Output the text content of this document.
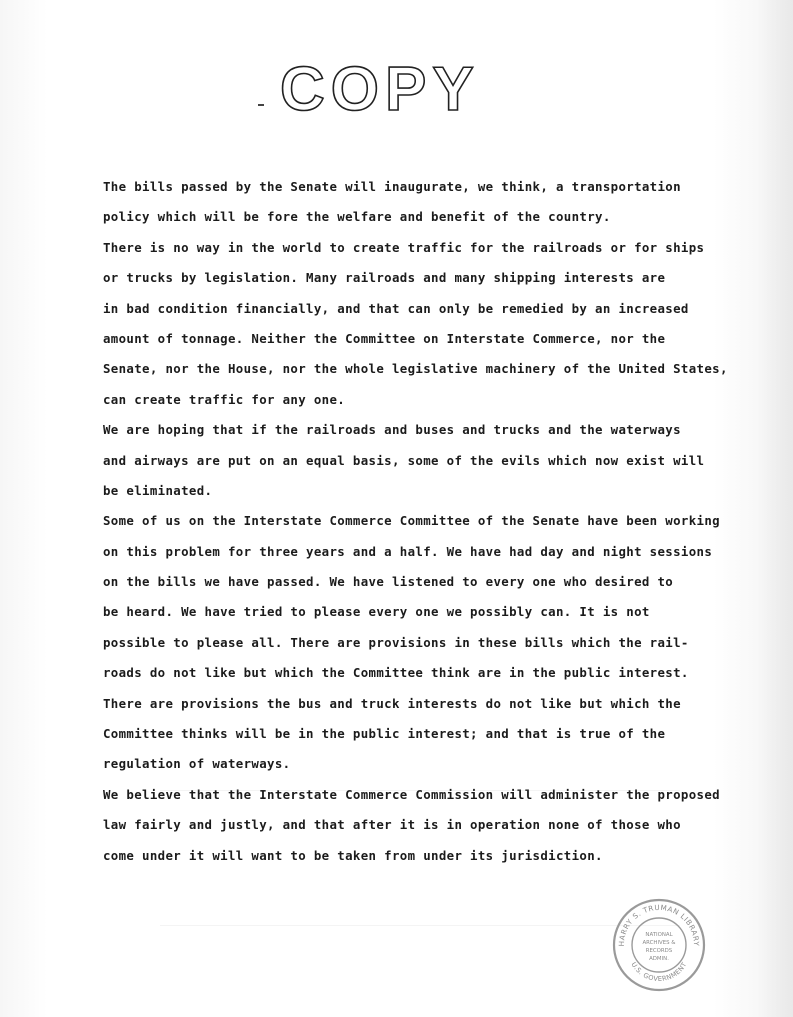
COPY
The bills passed by the Senate will inaugurate, we think, a transportation
policy which will be fore the welfare and benefit of the country.
There is no way in the world to create traffic for the railroads or for ships
or trucks by legislation. Many railroads and many shipping interests are
in bad condition financially, and that can only be remedied by an increased
amount of tonnage. Neither the Committee on Interstate Commerce, nor the
Senate, nor the House, nor the whole legislative machinery of the United States,
can create traffic for any one.
We are hoping that if the railroads and buses and trucks and the waterways
and airways are put on an equal basis, some of the evils which now exist will
be eliminated.
Some of us on the Interstate Commerce Committee of the Senate have been working
on this problem for three years and a half. We have had day and night sessions
on the bills we have passed. We have listened to every one who desired to
be heard. We have tried to please every one we possibly can. It is not
possible to please all. There are provisions in these bills which the rail-
roads do not like but which the Committee think are in the public interest.
There are provisions the bus and truck interests do not like but which the
Committee thinks will be in the public interest; and that is true of the
regulation of waterways.
We believe that the Interstate Commerce Commission will administer the proposed
law fairly and justly, and that after it is in operation none of those who
come under it will want to be taken from under its jurisdiction.
HARRY S. TRUMAN LIBRARY
U.S. GOVERNMENT
NATIONAL
ARCHIVES &
RECORDS
ADMIN.
